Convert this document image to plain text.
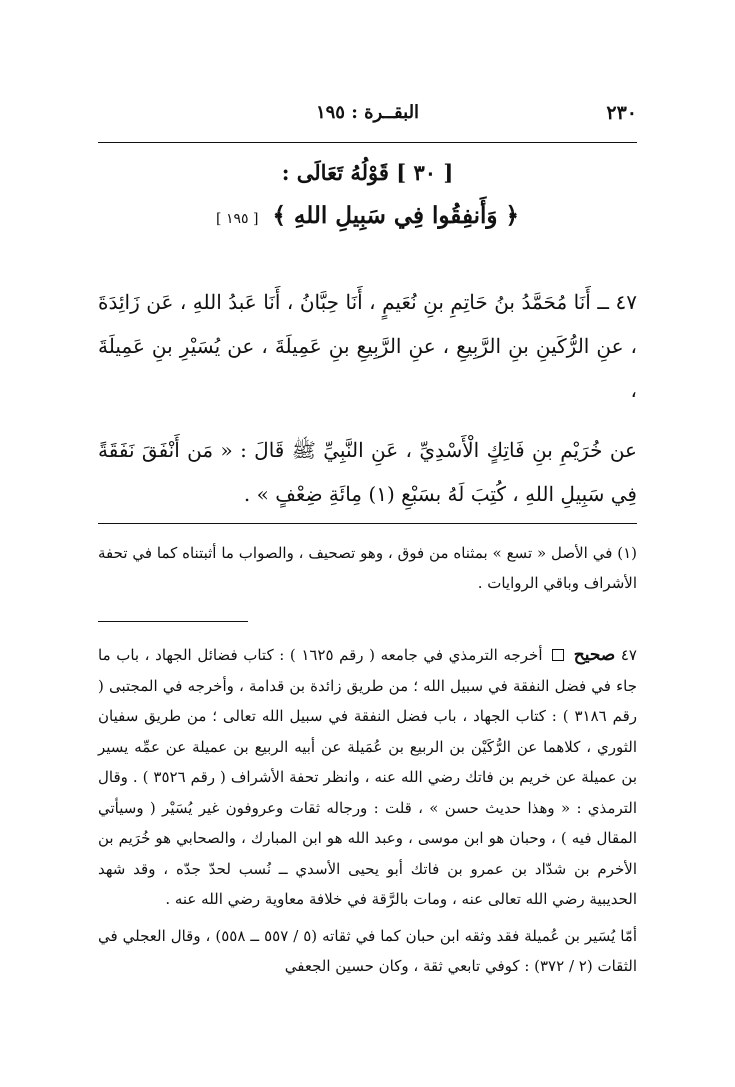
٢٣٠
البقــرة : ١٩٥
[ ٣٠ ] قَوْلُهُ تَعَالَى :
﴿ وَأَنفِقُوا فِي سَبِيلِ اللهِ ﴾ [ ١٩٥ ]
٤٧ ــ أَنَا مُحَمَّدُ بنُ حَاتِمِ بنِ نُعَيمٍ ، أَنَا حِبَّانُ ، أَنَا عَبدُ اللهِ ، عَن زَائِدَةَ ، عنِ الرُّكَينِ بنِ الرَّبِيعِ ، عنِ الرَّبِيعِ بنِ عَمِيلَةَ ، عن يُسَيْرِ بنِ عَمِيلَةَ ،
عن خُرَيْمِ بنِ فَاتِكٍ الْأَسْدِيِّ ، عَنِ النَّبِيِّ ﷺ قَالَ : « مَن أَنْفَقَ نَفَقَةً فِي سَبِيلِ اللهِ ، كُتِبَ لَهُ بسَبْعِ (١) مِائَةِ ضِعْفٍ » .
(١) في الأصل « تسع » بمثناه من فوق ، وهو تصحيف ، والصواب ما أثبتناه كما في تحفة الأشراف وباقي الروايات .

٤٧ صحيح  أخرجه الترمذي في جامعه ( رقم ١٦٢٥ ) : كتاب فضائل الجهاد ، باب ما جاء في فضل النفقة في سبيل الله ؛ من طريق زائدة بن قدامة ، وأخرجه في المجتبى ( رقم ٣١٨٦ ) : كتاب الجهاد ، باب فضل النفقة في سبيل الله تعالى ؛ من طريق سفيان الثوري ، كلاهما عن الرُّكَيْن بن الربيع بن عُمَيلة عن أبيه الربيع بن عميلة عن عمِّه يسير بن عميلة عن خريم بن فاتك رضي الله عنه ، وانظر تحفة الأشراف ( رقم ٣٥٢٦ ) . وقال الترمذي : « وهذا حديث حسن » ، قلت : ورجاله ثقات وعروفون غير يُسَيْر ( وسيأتي المقال فيه ) ، وحبان هو ابن موسى ، وعبد الله هو ابن المبارك ، والصحابي هو خُرَيم بن الأخرم بن شدّاد بن عمرو بن فاتك أبو يحيى الأسدي ــ نُسب لحدّ جدّه ، وقد شهد الحديبية رضي الله تعالى عنه ، ومات بالرَّقة في خلافة معاوية رضي الله عنه .

أمّا يُسَير بن عُميلة فقد وثقه ابن حبان كما في ثقاته (٥ / ٥٥٧ ــ ٥٥٨) ، وقال العجلي في الثقات (٢ / ٣٧٢) : كوفي تابعي ثقة ، وكان حسين الجعفي
